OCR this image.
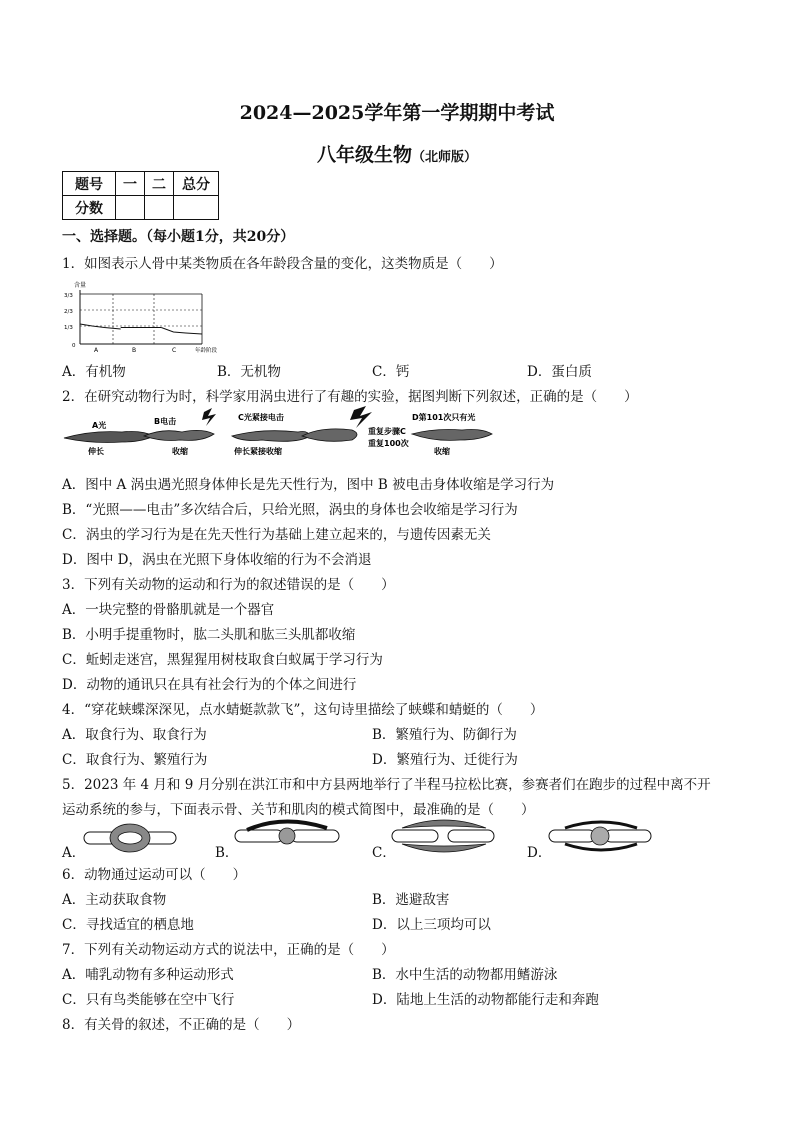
2024—2025学年第一学期期中考试
八年级生物（北师版）
题号	一	二	总分
分数			
一、选择题。（每小题1分，共20分）
1．如图表示人骨中某类物质在各年龄段含量的变化，这类物质是（　　）
含量
3/3
2/3
1/3
0
A	B	C	年龄阶段
A．有机物	B．无机物	C．钙	D．蛋白质
2．在研究动物行为时，科学家用涡虫进行了有趣的实验，据图判断下列叙述，正确的是（　　）
A光
伸长
B电击
收缩
C光紧接电击
伸长紧接收缩
重复步骤C
重复100次
D第101次只有光
收缩
A．图中 A 涡虫遇光照身体伸长是先天性行为，图中 B 被电击身体收缩是学习行为
B．“光照——电击”多次结合后，只给光照，涡虫的身体也会收缩是学习行为
C．涡虫的学习行为是在先天性行为基础上建立起来的，与遗传因素无关
D．图中 D，涡虫在光照下身体收缩的行为不会消退
3．下列有关动物的运动和行为的叙述错误的是（　　）
A．一块完整的骨骼肌就是一个器官
B．小明手提重物时，肱二头肌和肱三头肌都收缩
C．蚯蚓走迷宫，黑猩猩用树枝取食白蚁属于学习行为
D．动物的通讯只在具有社会行为的个体之间进行
4．“穿花蛱蝶深深见，点水蜻蜓款款飞”，这句诗里描绘了蛱蝶和蜻蜓的（　　）
A．取食行为、取食行为	B．繁殖行为、防御行为
C．取食行为、繁殖行为	D．繁殖行为、迁徙行为
5．2023 年 4 月和 9 月分别在洪江市和中方县两地举行了半程马拉松比赛，参赛者们在跑步的过程中离不开
运动系统的参与，下面表示骨、关节和肌肉的模式简图中，最准确的是（　　）
A．	B．	C．	D．
6．动物通过运动可以（　　）
A．主动获取食物	B．逃避敌害
C．寻找适宜的栖息地	D．以上三项均可以
7．下列有关动物运动方式的说法中，正确的是（　　）
A．哺乳动物有多种运动形式	B．水中生活的动物都用鳍游泳
C．只有鸟类能够在空中飞行	D．陆地上生活的动物都能行走和奔跑
8．有关骨的叙述，不正确的是（　　）
